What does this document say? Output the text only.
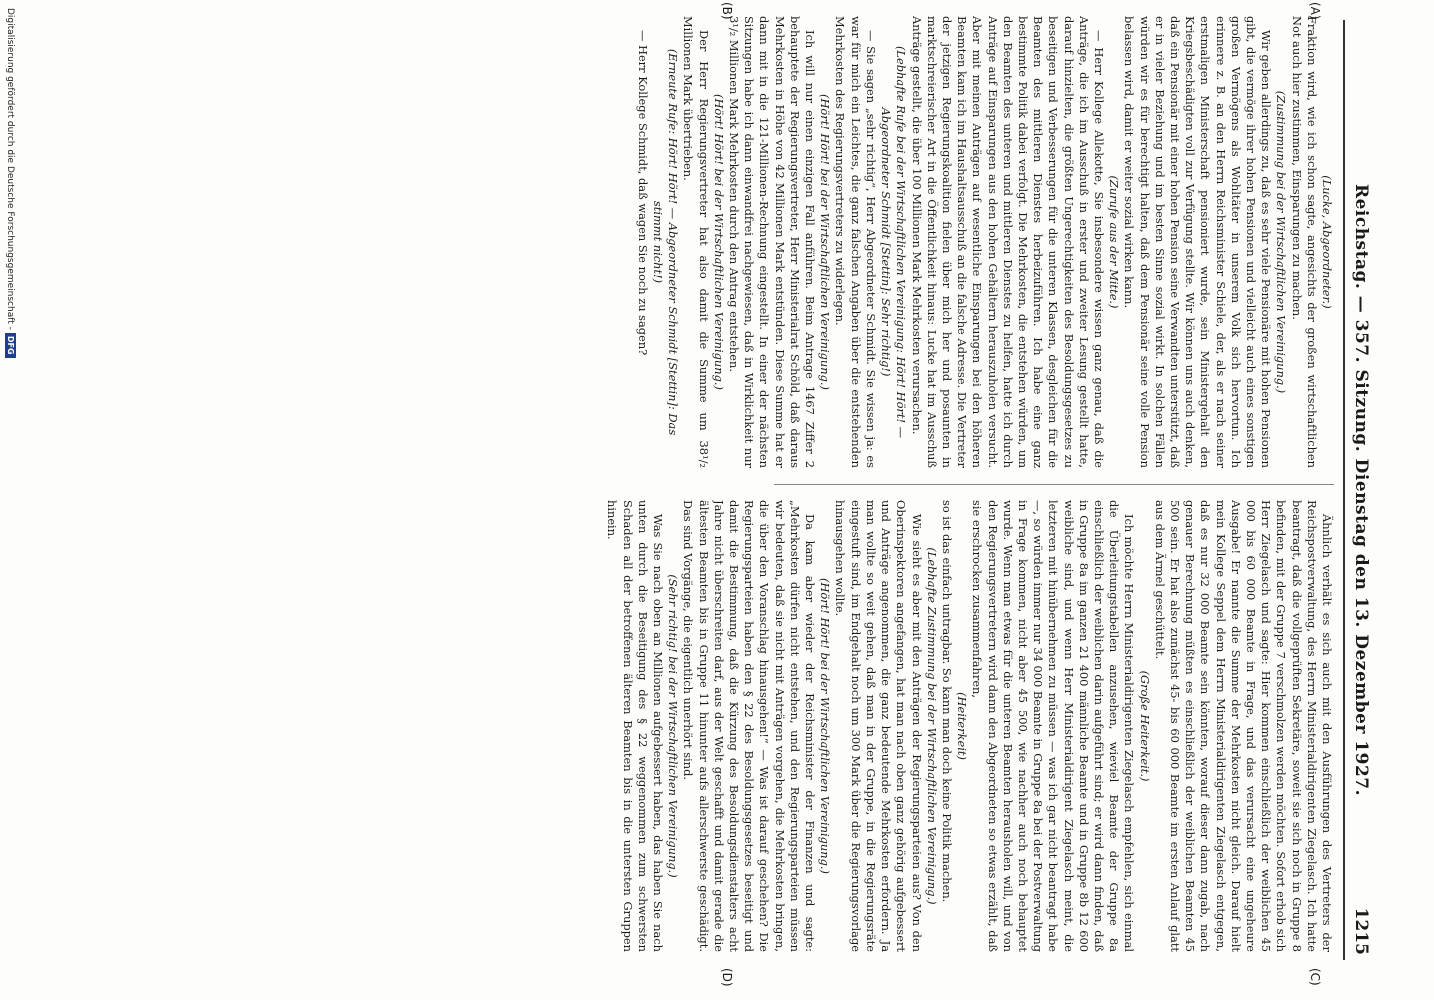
Reichstag. — 357. Sitzung. Dienstag den 13. Dezember 1927.
1215
(A)
(B)
(C)
(D)

(Lucke, Abgeordneter.)

Fraktion wird, wie ich schon sagte, angesichts der großen wirtschaftlichen Not auch hier zustimmen, Einsparungen zu machen.

(Zustimmung bei der Wirtschaftlichen Vereinigung.)

Wir geben allerdings zu, daß es sehr viele Pensionäre mit hohen Pensionen gibt, die vermöge ihrer hohen Pensionen und vielleicht auch eines sonstigen großen Vermögens als Wohltäter in unserem Volk sich hervortun. Ich erinnere z. B. an den Herrn Reichsminister Schiele, der, als er nach seiner erstmaligen Ministerschaft pensioniert wurde, sein Ministergehalt den Kriegsbeschädigten voll zur Verfügung stellte. Wir können uns auch denken, daß ein Pensionär mit einer hohen Pension seine Verwandten unterstützt, daß er in vieler Beziehung und im besten Sinne sozial wirkt. In solchen Fällen würden wir es für berechtigt halten, daß dem Pensionär seine volle Pension belassen wird, damit er weiter sozial wirken kann.

(Zurufe aus der Mitte.)

— Herr Kollege Allekotte, Sie insbesondere wissen ganz genau, daß die Anträge, die ich im Ausschuß in erster und zweiter Lesung gestellt hatte, darauf hinzielten, die größten Ungerechtigkeiten des Besoldungsgesetzes zu beseitigen und Verbesserungen für die unteren Klassen, desgleichen für die Beamten des mittleren Dienstes herbeizuführen. Ich habe eine ganz bestimmte Politik dabei verfolgt. Die Mehrkosten, die entstehen würden, um den Beamten des unteren und mittleren Dienstes zu helfen, hatte ich durch Anträge auf Einsparungen aus den hohen Gehältern herauszuholen versucht. Aber mit meinen Anträgen auf wesentliche Einsparungen bei den höheren Beamten kam ich im Haushaltsausschuß an die falsche Adresse. Die Vertreter der jetzigen Regierungskoalition fielen über mich her und posaunten in marktschreierischer Art in die Öffentlichkeit hinaus: Lucke hat im Ausschuß Anträge gestellt, die über 100 Millionen Mark Mehrkosten verursachen.

(Lebhafte Rufe bei der Wirtschaftlichen Vereinigung: Hört! Hört! — Abgeordneter Schmidt [Stettin]: Sehr richtig!)

— Sie sagen „sehr richtig“, Herr Abgeordneter Schmidt. Sie wissen ja: es war für mich ein Leichtes, die ganz falschen Angaben über die entstehenden Mehrkosten des Regierungsvertreters zu widerlegen.

(Hört! Hört! bei der Wirtschaftlichen Vereinigung.)

Ich will nur einen einzigen Fall anführen. Beim Antrage 1467 Ziffer 2 behauptete der Regierungsvertreter, Herr Ministerialrat Schöld, daß daraus Mehrkosten in Höhe von 42 Millionen Mark entstünden. Diese Summe hat er dann mit in die 121-Millionen-Rechnung eingestellt. In einer der nächsten Sitzungen habe ich dann einwandfrei nachgewiesen, daß in Wirklichkeit nur 3¹/₂ Millionen Mark Mehrkosten durch den Antrag entstehen.

(Hört! Hört! bei der Wirtschaftlichen Vereinigung.)

Der Herr Regierungsvertreter hat also damit die Summe um 38¹/₂ Millionen Mark übertrieben.

(Erneute Rufe: Hört! Hört! — Abgeordneter Schmidt [Stettin]: Das stimmt nicht!)

— Herr Kollege Schmidt, daß wagen Sie noch zu sagen?

Ähnlich verhält es sich auch mit den Ausführungen des Vertreters der Reichspostverwaltung, des Herrn Ministerialdirigenten Ziegelasch. Ich hatte beantragt, daß die vollgeprüften Sekretäre, soweit sie sich noch in Gruppe 8 befinden, mit der Gruppe 7 verschmolzen werden möchten. Sofort erhob sich Herr Ziegelasch und sagte: Hier kommen einschließlich der weiblichen 45 000 bis 60 000 Beamte in Frage, und das verursacht eine ungeheure Ausgabe! Er nannte die Summe der Mehrkosten nicht gleich. Darauf hielt mein Kollege Seppel dem Herrn Ministerialdirigenten Ziegelasch entgegen, daß es nur 32 000 Beamte sein könnten, worauf dieser dann zugab, nach genauer Berechnung müßten es einschließlich der weiblichen Beamten 45 500 sein. Er hat also zunächst 45- bis 60 000 Beamte im ersten Anlauf glatt aus dem Ärmel geschüttelt.

(Große Heiterkeit.)

Ich möchte Herrn Ministerialdirigenten Ziegelasch empfehlen, sich einmal die Überleitungstabellen anzusehen, wieviel Beamte der Gruppe 8a einschließlich der weiblichen darin aufgeführt sind; er wird dann finden, daß in Gruppe 8a im ganzen 21 400 männliche Beamte und in Gruppe 8b 12 600 weibliche sind, und wenn Herr Ministerialdirigent Ziegelasch meint, die letzteren mit hinübernehmen zu müssen — was ich gar nicht beantragt habe —, so würden immer nur 34 000 Beamte in Gruppe 8a bei der Postverwaltung in Frage kommen, nicht aber 45 500, wie nachher auch noch behauptet wurde. Wenn man etwas für die unteren Beamten herausholen will, und von den Regierungsvertretern wird dann den Abgeordneten so etwas erzählt, daß sie erschrocken zusammenfahren,

(Heiterkeit)

so ist das einfach untragbar. So kann man doch keine Politik machen.

(Lebhafte Zustimmung bei der Wirtschaftlichen Vereinigung.)

Wie sieht es aber mit den Anträgen der Regierungsparteien aus? Von den Oberinspektoren angefangen, hat man nach oben ganz gehörig aufgebessert und Anträge angenommen, die ganz bedeutende Mehrkosten erfordern. Ja man wollte so weit gehen, daß man in der Gruppe, in die Regierungsräte eingestuft sind, im Endgehalt noch um 300 Mark über die Regierungsvorlage hinausgehen wollte.

(Hört! Hört! bei der Wirtschaftlichen Vereinigung.)

Da kam aber wieder der Reichsminister der Finanzen und sagte: „Mehrkosten dürfen nicht entstehen, und den Regierungsparteien müssen wir bedeuten, daß sie nicht mit Anträgen vorgehen, die Mehrkosten bringen, die über den Voranschlag hinausgehen!“ — Was ist darauf geschehen? Die Regierungsparteien haben den § 22 des Besoldungsgesetzes beseitigt und damit die Bestimmung, daß die Kürzung des Besoldungsdienstalters acht Jahre nicht überschreiten darf, aus der Welt geschafft und damit gerade die ältesten Beamten bis in Gruppe 11 hinunter aufs allerschwerste geschädigt. Das sind Vorgänge, die eigentlich unerhört sind.

(Sehr richtig! bei der Wirtschaftlichen Vereinigung.)

Was Sie nach oben an Millionen aufgebessert haben, das haben Sie nach unten durch die Beseitigung des § 22 weggenommen zum schwersten Schaden all der betroffenen älteren Beamten bis in die untersten Gruppen hinein.

Digitalisierung gefördert durch die Deutsche Forschungsgemeinschaft -DFG
